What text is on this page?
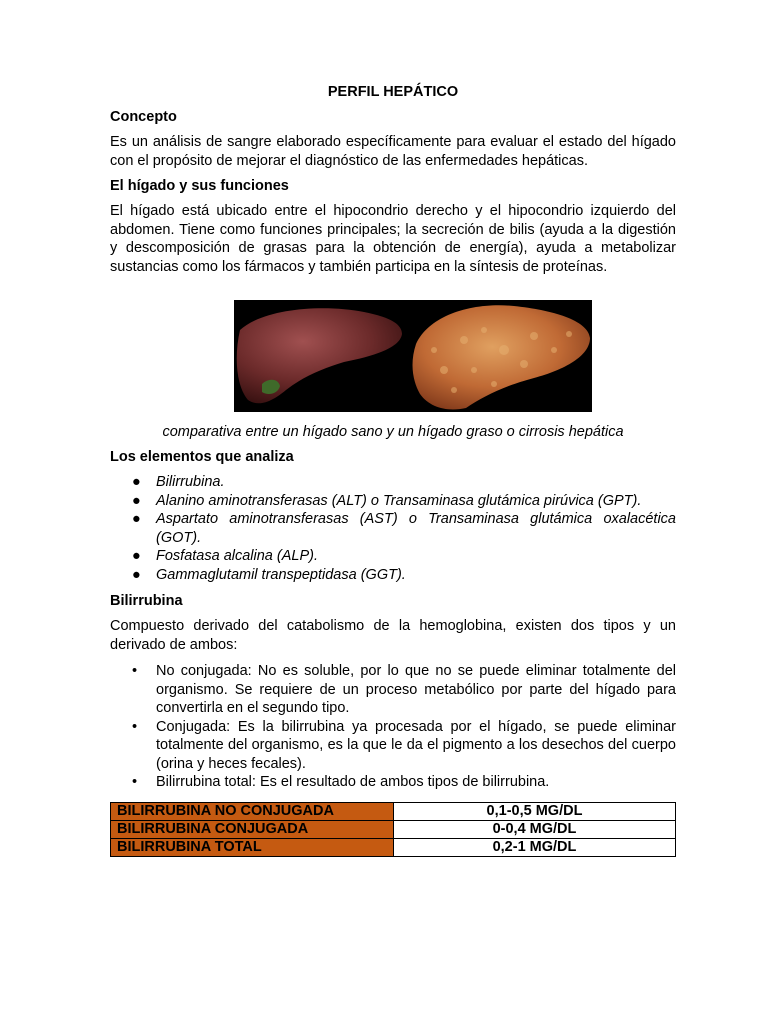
PERFIL HEPÁTICO
Concepto

Es un análisis de sangre elaborado específicamente para evaluar el estado del hígado con el propósito de mejorar el diagnóstico de las enfermedades hepáticas.

El hígado y sus funciones

El hígado está ubicado entre el hipocondrio derecho y el hipocondrio izquierdo del abdomen. Tiene como funciones principales; la secreción de bilis (ayuda a la digestión y descomposición de grasas para la obtención de energía), ayuda a metabolizar sustancias como los fármacos y también participa en la síntesis de proteínas.

comparativa entre un hígado sano y un hígado graso o cirrosis hepática
Los elementos que analiza
● Bilirrubina.
● Alanino aminotransferasas (ALT) o Transaminasa glutámica pirúvica (GPT).
● Aspartato aminotransferasas (AST) o Transaminasa glutámica oxalacética (GOT).
● Fosfatasa alcalina (ALP).
● Gammaglutamil transpeptidasa (GGT).
Bilirrubina

Compuesto derivado del catabolismo de la hemoglobina, existen dos tipos y un derivado de ambos:

• No conjugada: No es soluble, por lo que no se puede eliminar totalmente del organismo. Se requiere de un proceso metabólico por parte del hígado para convertirla en el segundo tipo.
• Conjugada: Es la bilirrubina ya procesada por el hígado, se puede eliminar totalmente del organismo, es la que le da el pigmento a los desechos del cuerpo (orina y heces fecales).
• Bilirrubina total: Es el resultado de ambos tipos de bilirrubina.
BILIRRUBINA NO CONJUGADA	0,1-0,5 MG/DL
BILIRRUBINA CONJUGADA	0-0,4 MG/DL
BILIRRUBINA TOTAL	0,2-1 MG/DL
